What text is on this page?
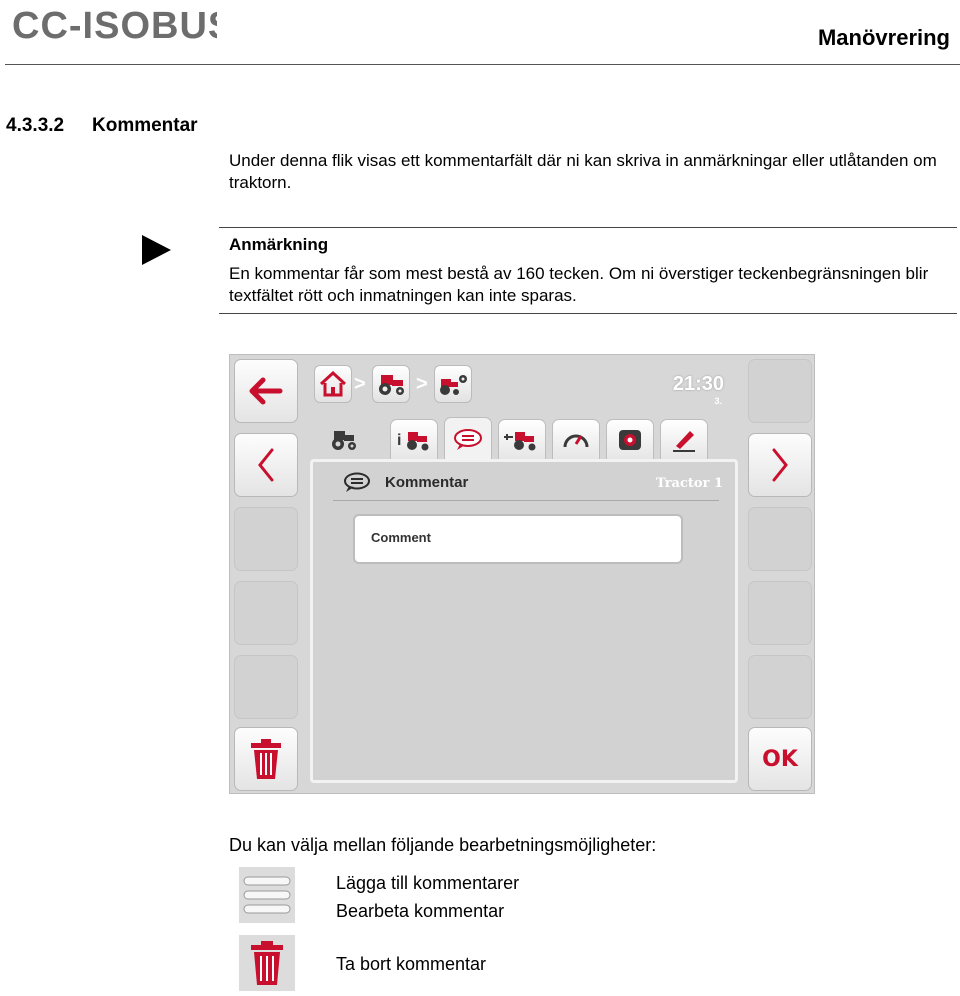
CC-ISOBUS	Manövrering
4.3.3.2 Kommentar
Under denna flik visas ett kommentarfält där ni kan skriva in anmärkningar eller utlåtanden om traktorn.
Anmärkning
En kommentar får som mest bestå av 160 tecken. Om ni överstiger teckenbegränsningen blir textfältet rött och inmatningen kan inte sparas.
OK
>	>	21:30
3.
i
Kommentar	Tractor 1
Comment
Du kan välja mellan följande bearbetningsmöjligheter:
Lägga till kommentarer
Bearbeta kommentar
Ta bort kommentar
